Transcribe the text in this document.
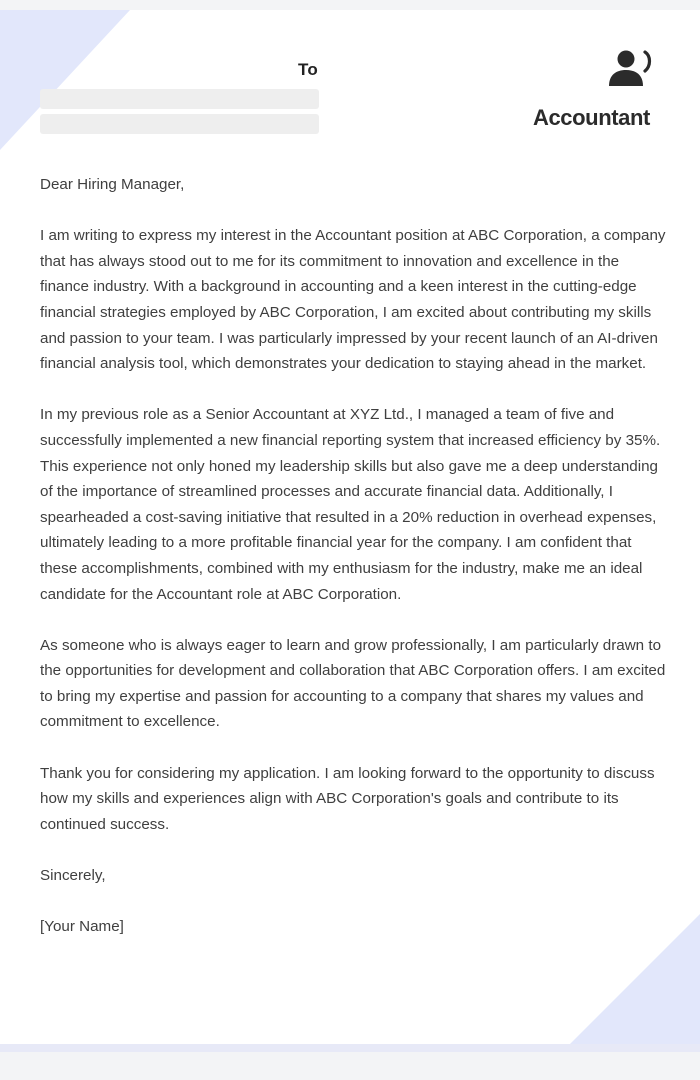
To
Accountant

Dear Hiring Manager,

I am writing to express my interest in the Accountant position at ABC Corporation, a company that has always stood out to me for its commitment to innovation and excellence in the finance industry. With a background in accounting and a keen interest in the cutting-edge financial strategies employed by ABC Corporation, I am excited about contributing my skills and passion to your team. I was particularly impressed by your recent launch of an AI-driven financial analysis tool, which demonstrates your dedication to staying ahead in the market.

In my previous role as a Senior Accountant at XYZ Ltd., I managed a team of five and successfully implemented a new financial reporting system that increased efficiency by 35%. This experience not only honed my leadership skills but also gave me a deep understanding of the importance of streamlined processes and accurate financial data. Additionally, I spearheaded a cost-saving initiative that resulted in a 20% reduction in overhead expenses, ultimately leading to a more profitable financial year for the company. I am confident that these accomplishments, combined with my enthusiasm for the industry, make me an ideal candidate for the Accountant role at ABC Corporation.

As someone who is always eager to learn and grow professionally, I am particularly drawn to the opportunities for development and collaboration that ABC Corporation offers. I am excited to bring my expertise and passion for accounting to a company that shares my values and commitment to excellence.

Thank you for considering my application. I am looking forward to the opportunity to discuss how my skills and experiences align with ABC Corporation's goals and contribute to its continued success.

Sincerely,

[Your Name]
